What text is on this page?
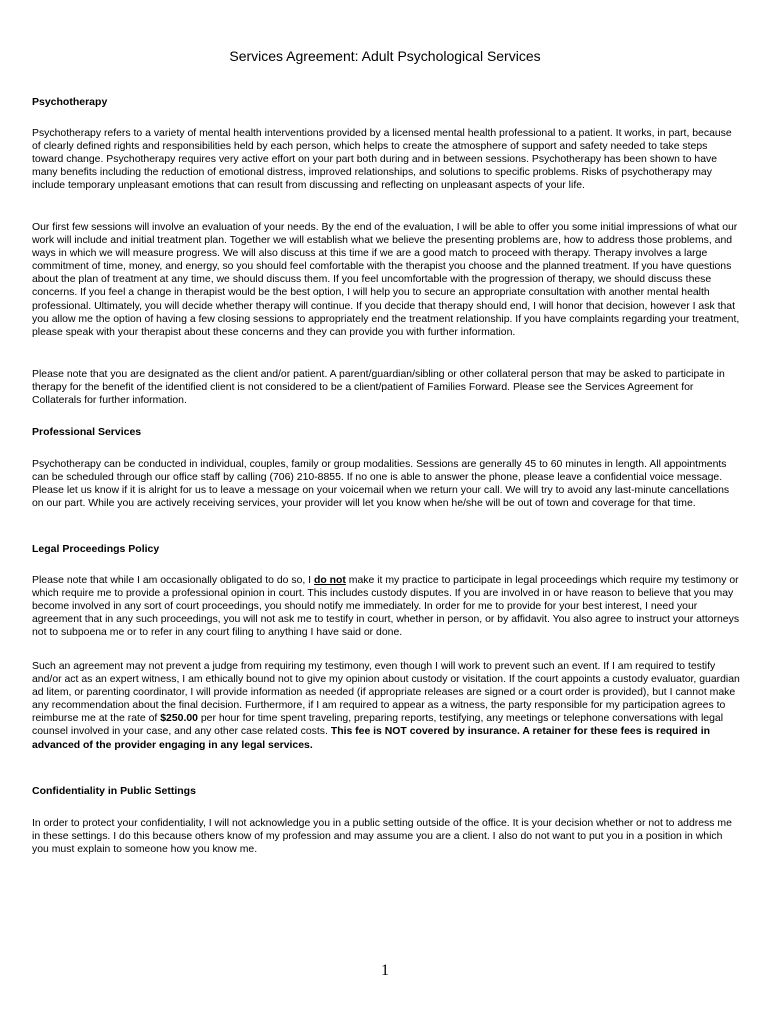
Services Agreement: Adult Psychological Services
Psychotherapy
Psychotherapy refers to a variety of mental health interventions provided by a licensed mental health professional to a patient. It works, in part, because of clearly defined rights and responsibilities held by each person, which helps to create the atmosphere of support and safety needed to take steps toward change. Psychotherapy requires very active effort on your part both during and in between sessions. Psychotherapy has been shown to have many benefits including the reduction of emotional distress, improved relationships, and solutions to specific problems. Risks of psychotherapy may include temporary unpleasant emotions that can result from discussing and reflecting on unpleasant aspects of your life.
Our first few sessions will involve an evaluation of your needs. By the end of the evaluation, I will be able to offer you some initial impressions of what our work will include and initial treatment plan. Together we will establish what we believe the presenting problems are, how to address those problems, and ways in which we will measure progress. We will also discuss at this time if we are a good match to proceed with therapy. Therapy involves a large commitment of time, money, and energy, so you should feel comfortable with the therapist you choose and the planned treatment. If you have questions about the plan of treatment at any time, we should discuss them. If you feel uncomfortable with the progression of therapy, we should discuss these concerns. If you feel a change in therapist would be the best option, I will help you to secure an appropriate consultation with another mental health professional. Ultimately, you will decide whether therapy will continue. If you decide that therapy should end, I will honor that decision, however I ask that you allow me the option of having a few closing sessions to appropriately end the treatment relationship. If you have complaints regarding your treatment, please speak with your therapist about these concerns and they can provide you with further information.
Please note that you are designated as the client and/or patient. A parent/guardian/sibling or other collateral person that may be asked to participate in therapy for the benefit of the identified client is not considered to be a client/patient of Families Forward. Please see the Services Agreement for Collaterals for further information.
Professional Services
Psychotherapy can be conducted in individual, couples, family or group modalities. Sessions are generally 45 to 60 minutes in length. All appointments can be scheduled through our office staff by calling (706) 210-8855. If no one is able to answer the phone, please leave a confidential voice message. Please let us know if it is alright for us to leave a message on your voicemail when we return your call. We will try to avoid any last-minute cancellations on our part. While you are actively receiving services, your provider will let you know when he/she will be out of town and coverage for that time.
Legal Proceedings Policy
Please note that while I am occasionally obligated to do so, I do not make it my practice to participate in legal proceedings which require my testimony or which require me to provide a professional opinion in court. This includes custody disputes. If you are involved in or have reason to believe that you may become involved in any sort of court proceedings, you should notify me immediately. In order for me to provide for your best interest, I need your agreement that in any such proceedings, you will not ask me to testify in court, whether in person, or by affidavit. You also agree to instruct your attorneys not to subpoena me or to refer in any court filing to anything I have said or done.
Such an agreement may not prevent a judge from requiring my testimony, even though I will work to prevent such an event. If I am required to testify and/or act as an expert witness, I am ethically bound not to give my opinion about custody or visitation. If the court appoints a custody evaluator, guardian ad litem, or parenting coordinator, I will provide information as needed (if appropriate releases are signed or a court order is provided), but I cannot make any recommendation about the final decision. Furthermore, if I am required to appear as a witness, the party responsible for my participation agrees to reimburse me at the rate of $250.00 per hour for time spent traveling, preparing reports, testifying, any meetings or telephone conversations with legal counsel involved in your case, and any other case related costs. This fee is NOT covered by insurance. A retainer for these fees is required in advanced of the provider engaging in any legal services.
Confidentiality in Public Settings
In order to protect your confidentiality, I will not acknowledge you in a public setting outside of the office. It is your decision whether or not to address me in these settings. I do this because others know of my profession and may assume you are a client. I also do not want to put you in a position in which you must explain to someone how you know me.
1
